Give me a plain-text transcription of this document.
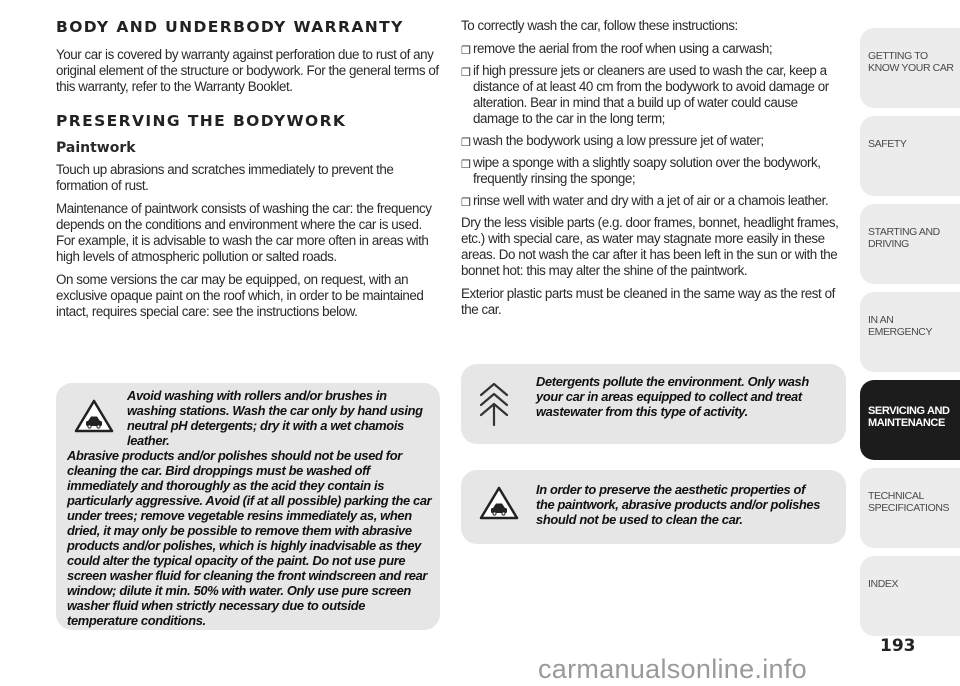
BODY AND UNDERBODY WARRANTY

Your car is covered by warranty against perforation due to rust of any original element of the structure or bodywork. For the general terms of this warranty, refer to the Warranty Booklet.

PRESERVING THE BODYWORK
Paintwork

Touch up abrasions and scratches immediately to prevent the formation of rust.

Maintenance of paintwork consists of washing the car: the frequency depends on the conditions and environment where the car is used. For example, it is advisable to wash the car more often in areas with high levels of atmospheric pollution or salted roads.

On some versions the car may be equipped, on request, with an exclusive opaque paint on the roof which, in order to be maintained intact, requires special care: see the instructions below.

Avoid washing with rollers and/or brushes in washing stations. Wash the car only by hand using neutral pH detergents; dry it with a wet chamois leather.
Abrasive products and/or polishes should not be used for cleaning the car. Bird droppings must be washed off immediately and thoroughly as the acid they contain is particularly aggressive. Avoid (if at all possible) parking the car under trees; remove vegetable resins immediately as, when dried, it may only be possible to remove them with abrasive products and/or polishes, which is highly inadvisable as they could alter the typical opacity of the paint. Do not use pure screen washer fluid for cleaning the front windscreen and rear window; dilute it min. 50% with water. Only use pure screen washer fluid when strictly necessary due to outside temperature conditions.

To correctly wash the car, follow these instructions:

❒ remove the aerial from the roof when using a carwash;
❒ if high pressure jets or cleaners are used to wash the car, keep a distance of at least 40 cm from the bodywork to avoid damage or alteration. Bear in mind that a build up of water could cause damage to the car in the long term;
❒ wash the bodywork using a low pressure jet of water;
❒ wipe a sponge with a slightly soapy solution over the bodywork, frequently rinsing the sponge;
❒ rinse well with water and dry with a jet of air or a chamois leather.

Dry the less visible parts (e.g. door frames, bonnet, headlight frames, etc.) with special care, as water may stagnate more easily in these areas. Do not wash the car after it has been left in the sun or with the bonnet hot: this may alter the shine of the paintwork.

Exterior plastic parts must be cleaned in the same way as the rest of the car.

Detergents pollute the environment. Only wash your car in areas equipped to collect and treat wastewater from this type of activity.
In order to preserve the aesthetic properties of the paintwork, abrasive products and/or polishes should not be used to clean the car.
GETTING TO KNOW YOUR CAR
SAFETY
STARTING AND DRIVING
IN AN EMERGENCY
SERVICING AND MAINTENANCE
TECHNICAL SPECIFICATIONS
INDEX
193
carmanualsonline.info
